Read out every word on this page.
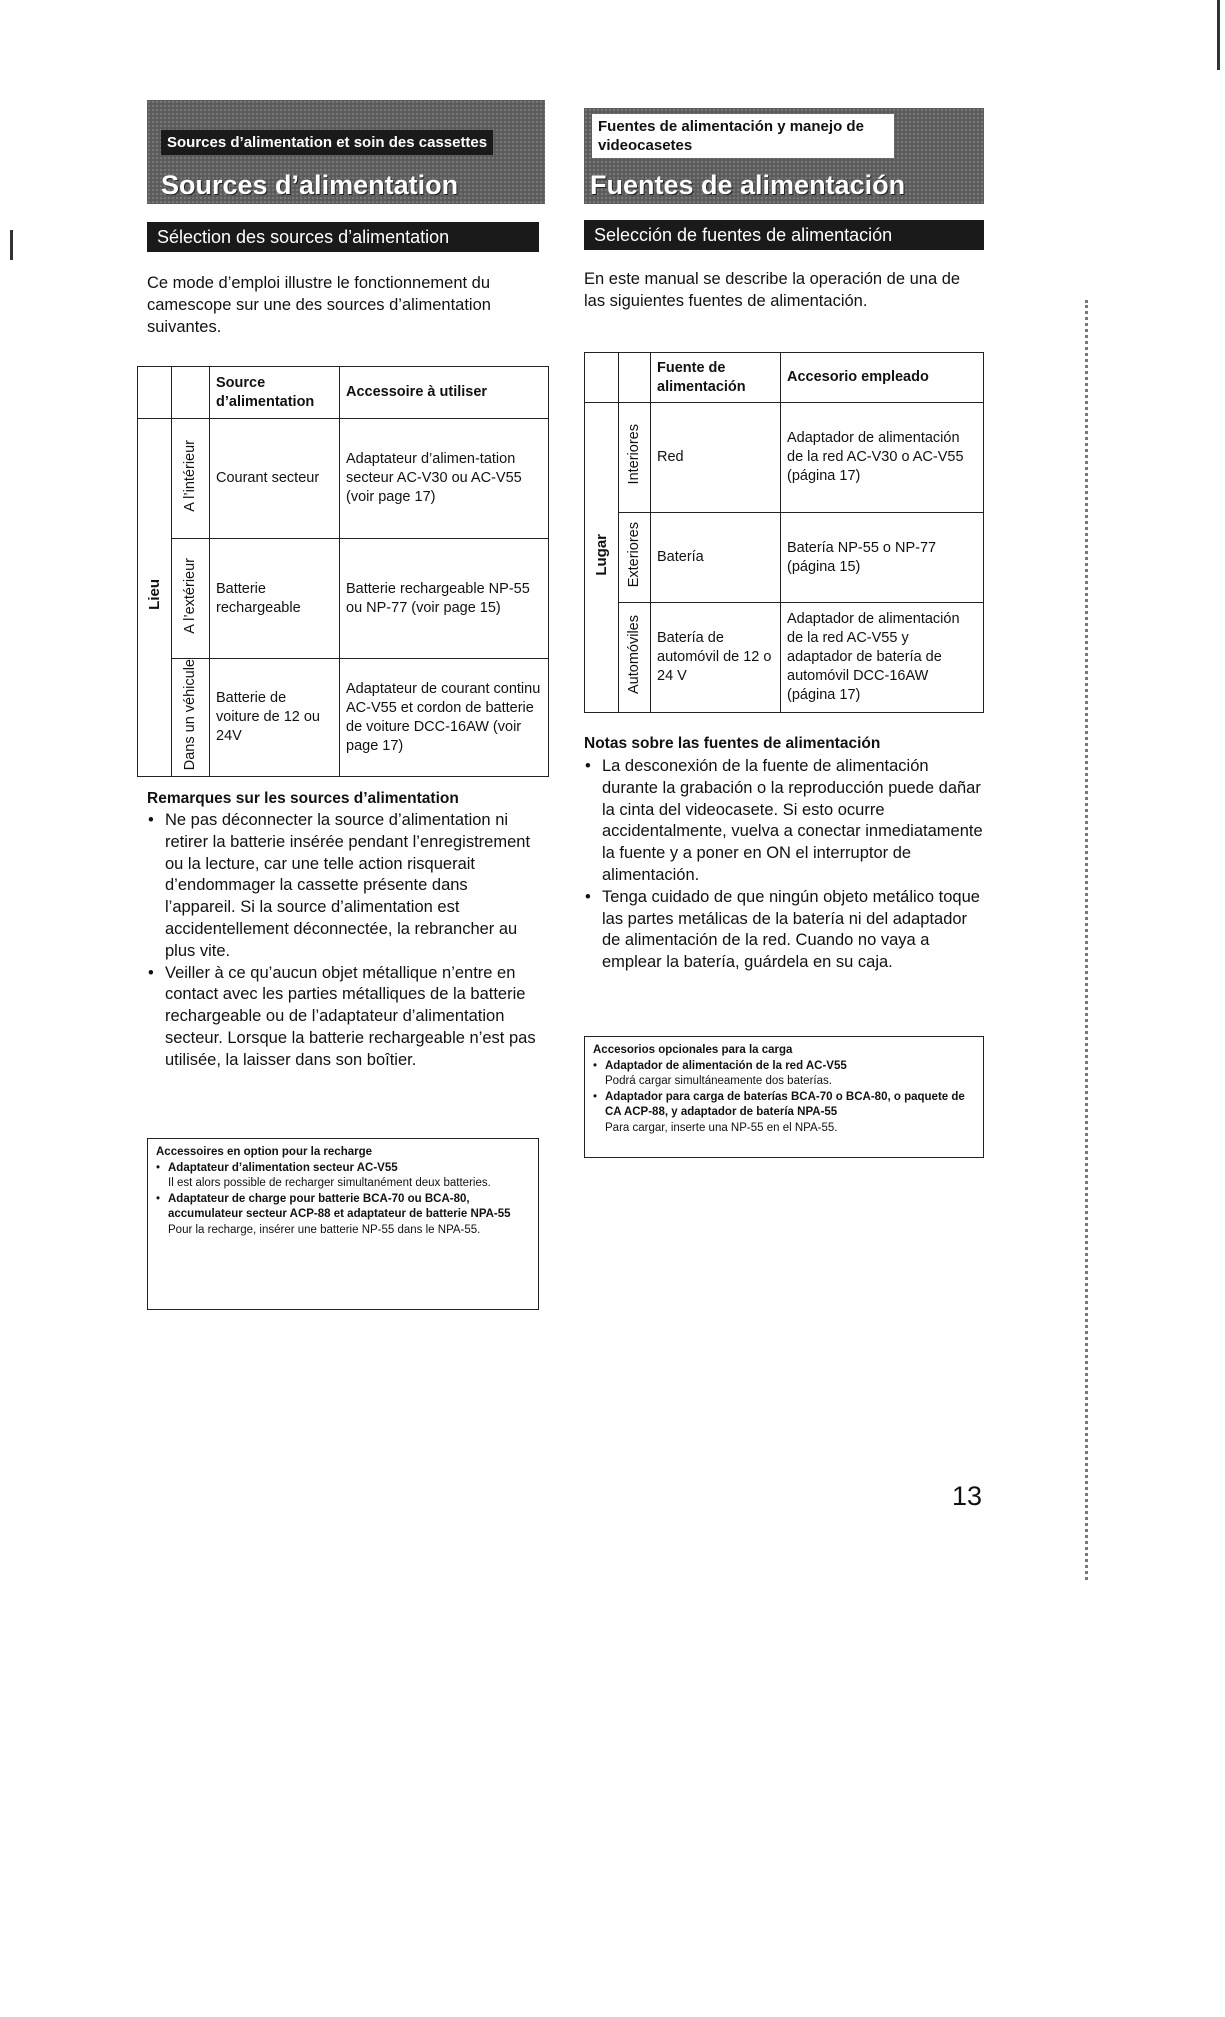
Sources d’alimentation et soin des cassettes
Sources d’alimentation
Sélection des sources d’alimentation

Ce mode d’emploi illustre le fonctionnement du camescope sur une des sources d’alimentation suivantes.

		Source d’alimentation	Accessoire à utiliser
Lieu	A l’intérieur	Courant secteur	Adaptateur d’alimen-tation secteur AC-V30 ou AC-V55 (voir page 17)
	A l’extérieur	Batterie rechargeable	Batterie rechargeable NP-55 ou NP-77 (voir page 15)
	Dans un véhicule	Batterie de voiture de 12 ou 24V	Adaptateur de courant continu AC-V55 et cordon de batterie de voiture DCC-16AW (voir page 17)

Remarques sur les sources d’alimentation

• Ne pas déconnecter la source d’alimentation ni retirer la batterie insérée pendant l’enregistrement ou la lecture, car une telle action risquerait d’endommager la cassette présente dans l’appareil. Si la source d’alimentation est accidentellement déconnectée, la rebrancher au plus vite.
• Veiller à ce qu’aucun objet métallique n’entre en contact avec les parties métalliques de la batterie rechargeable ou de l’adaptateur d’alimentation secteur. Lorsque la batterie rechargeable n’est pas utilisée, la laisser dans son boîtier.

Accessoires en option pour la recharge

• Adaptateur d’alimentation secteur AC-V55
Il est alors possible de recharger simultanément deux batteries.
• Adaptateur de charge pour batterie BCA-70 ou BCA-80, accumulateur secteur ACP-88 et adaptateur de batterie NPA-55
Pour la recharge, insérer une batterie NP-55 dans le NPA-55.
Fuentes de alimentación y manejo de videocasetes
Fuentes de alimentación
Selección de fuentes de alimentación

En este manual se describe la operación de una de las siguientes fuentes de alimentación.

		Fuente de alimentación	Accesorio empleado
Lugar	Interiores	Red	Adaptador de alimentación de la red AC-V30 o AC-V55 (página 17)
	Exteriores	Batería	Batería NP-55 o NP-77 (página 15)
	Automóviles	Batería de automóvil de 12 o 24 V	Adaptador de alimentación de la red AC-V55 y adaptador de batería de automóvil DCC-16AW (página 17)

Notas sobre las fuentes de alimentación

• La desconexión de la fuente de alimentación durante la grabación o la reproducción puede dañar la cinta del videocasete. Si esto ocurre accidentalmente, vuelva a conectar inmediatamente la fuente y a poner en ON el interruptor de alimentación.
• Tenga cuidado de que ningún objeto metálico toque las partes metálicas de la batería ni del adaptador de alimentación de la red. Cuando no vaya a emplear la batería, guárdela en su caja.

Accesorios opcionales para la carga

• Adaptador de alimentación de la red AC-V55
Podrá cargar simultáneamente dos baterías.
• Adaptador para carga de baterías BCA-70 o BCA-80, o paquete de CA ACP-88, y adaptador de batería NPA-55
Para cargar, inserte una NP-55 en el NPA-55.
13
